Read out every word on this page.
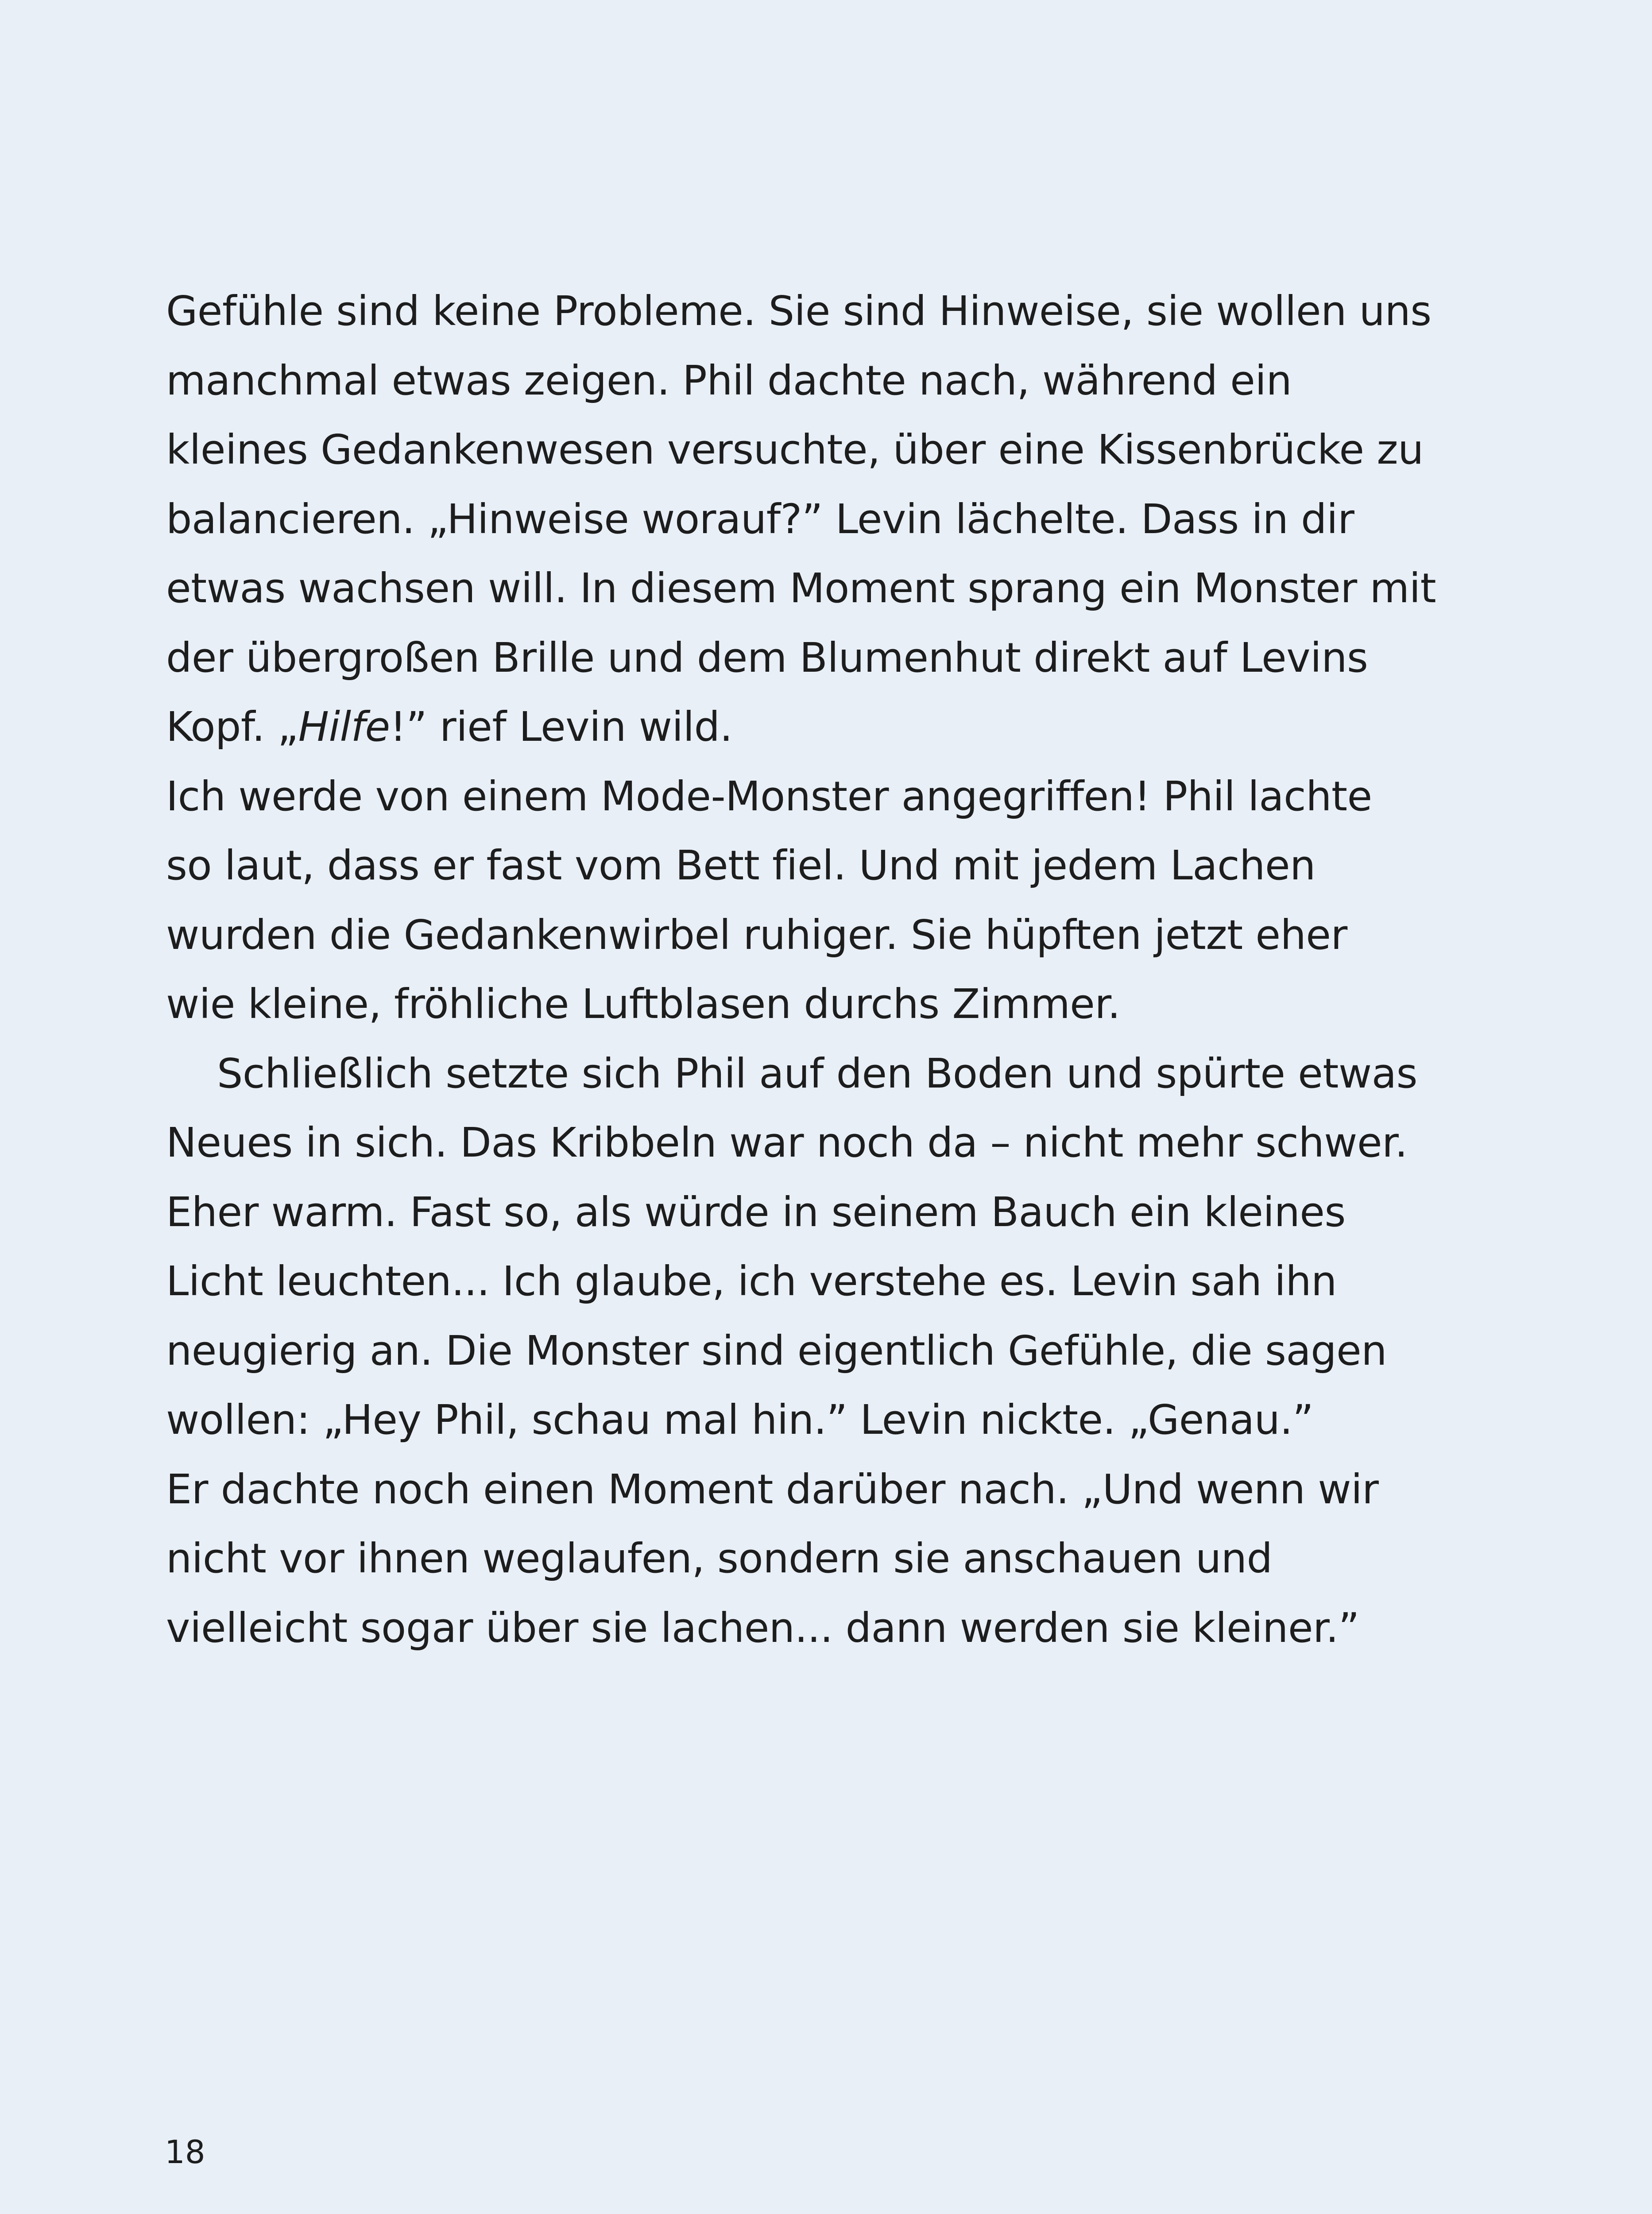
Gefühle sind keine Probleme. Sie sind Hinweise, sie wollen uns
manchmal etwas zeigen. Phil dachte nach, während ein
kleines Gedankenwesen versuchte, über eine Kissenbrücke zu
balancieren. „Hinweise worauf?” Levin lächelte. Dass in dir
etwas wachsen will. In diesem Moment sprang ein Monster mit
der übergroßen Brille und dem Blumenhut direkt auf Levins
Kopf. „Hilfe!” rief Levin wild.
Ich werde von einem Mode-Monster angegriffen! Phil lachte
so laut, dass er fast vom Bett fiel. Und mit jedem Lachen
wurden die Gedankenwirbel ruhiger. Sie hüpften jetzt eher
wie kleine, fröhliche Luftblasen durchs Zimmer.
Schließlich setzte sich Phil auf den Boden und spürte etwas
Neues in sich. Das Kribbeln war noch da – nicht mehr schwer.
Eher warm. Fast so, als würde in seinem Bauch ein kleines
Licht leuchten... Ich glaube, ich verstehe es. Levin sah ihn
neugierig an. Die Monster sind eigentlich Gefühle, die sagen
wollen: „Hey Phil, schau mal hin.” Levin nickte. „Genau.”
Er dachte noch einen Moment darüber nach. „Und wenn wir
nicht vor ihnen weglaufen, sondern sie anschauen und
vielleicht sogar über sie lachen... dann werden sie kleiner.”
18
